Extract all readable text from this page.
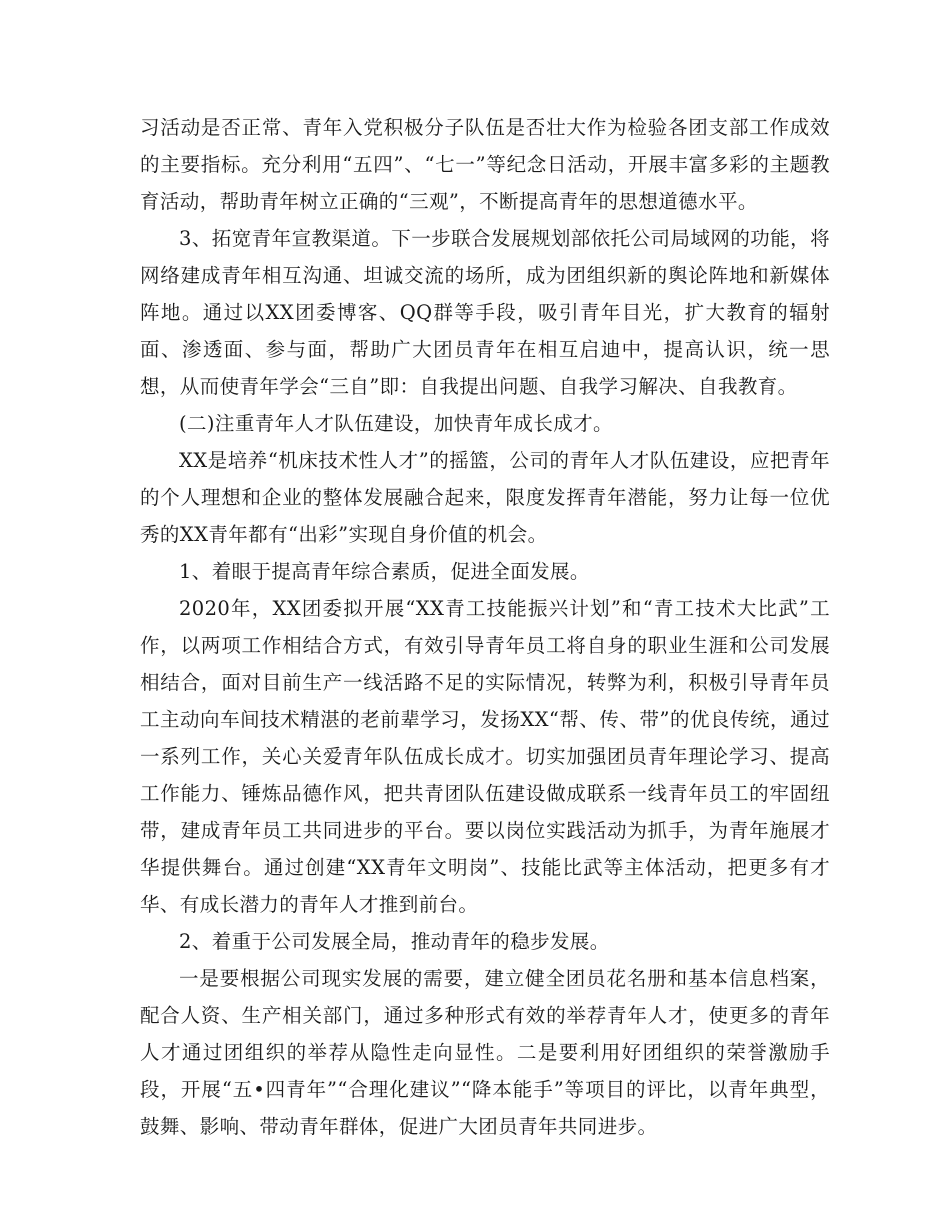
习活动是否正常、青年入党积极分子队伍是否壮大作为检验各团支部工作成效的主要指标。充分利用“五四”、“七一”等纪念日活动，开展丰富多彩的主题教育活动，帮助青年树立正确的“三观”，不断提高青年的思想道德水平。

3、拓宽青年宣教渠道。下一步联合发展规划部依托公司局域网的功能，将网络建成青年相互沟通、坦诚交流的场所，成为团组织新的舆论阵地和新媒体阵地。通过以XX团委博客、QQ群等手段，吸引青年目光，扩大教育的辐射面、渗透面、参与面，帮助广大团员青年在相互启迪中，提高认识，统一思想，从而使青年学会“三自”即：自我提出问题、自我学习解决、自我教育。

(二)注重青年人才队伍建设，加快青年成长成才。

XX是培养“机床技术性人才”的摇篮，公司的青年人才队伍建设，应把青年的个人理想和企业的整体发展融合起来，限度发挥青年潜能，努力让每一位优秀的XX青年都有“出彩”实现自身价值的机会。

1、着眼于提高青年综合素质，促进全面发展。

2020年，XX团委拟开展“XX青工技能振兴计划”和“青工技术大比武”工作，以两项工作相结合方式，有效引导青年员工将自身的职业生涯和公司发展相结合，面对目前生产一线活路不足的实际情况，转弊为利，积极引导青年员工主动向车间技术精湛的老前辈学习，发扬XX“帮、传、带”的优良传统，通过一系列工作，关心关爱青年队伍成长成才。切实加强团员青年理论学习、提高工作能力、锤炼品德作风，把共青团队伍建设做成联系一线青年员工的牢固纽带，建成青年员工共同进步的平台。要以岗位实践活动为抓手，为青年施展才华提供舞台。通过创建“XX青年文明岗”、技能比武等主体活动，把更多有才华、有成长潜力的青年人才推到前台。

2、着重于公司发展全局，推动青年的稳步发展。

一是要根据公司现实发展的需要，建立健全团员花名册和基本信息档案，配合人资、生产相关部门，通过多种形式有效的举荐青年人才，使更多的青年人才通过团组织的举荐从隐性走向显性。二是要利用好团组织的荣誉激励手段，开展“五•四青年”“合理化建议”“降本能手”等项目的评比，以青年典型，鼓舞、影响、带动青年群体，促进广大团员青年共同进步。
